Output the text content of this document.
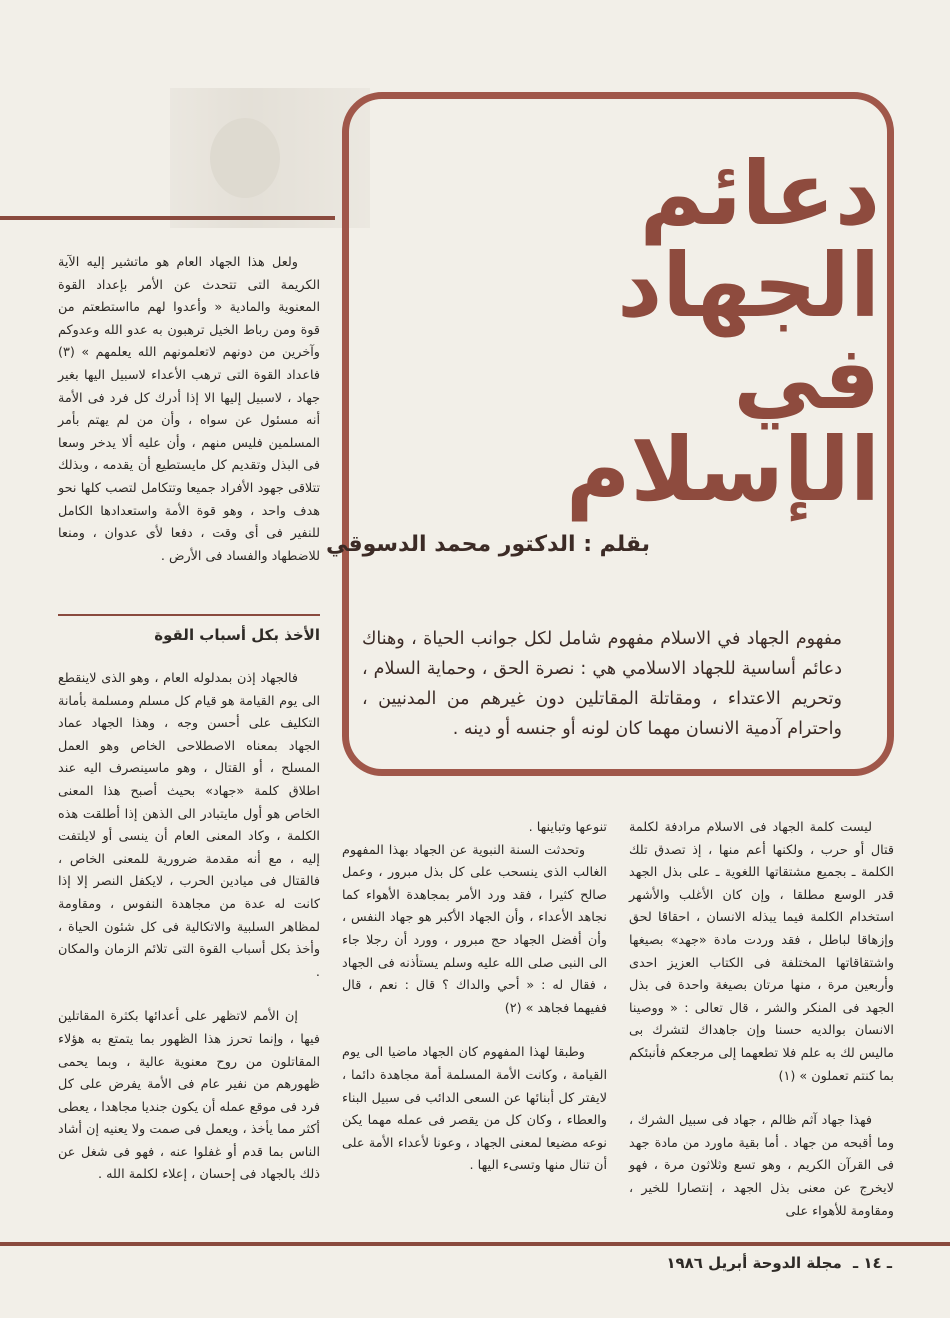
دعائم
الجهاد
في
الإسلام
بقلم : الدكتور محمد الدسوقي
مفهوم الجهاد في الاسلام مفهوم شامل لكل جوانب الحياة ، وهناك دعائم أساسية للجهاد الاسلامي هي : نصرة الحق ، وحماية السلام ، وتحريم الاعتداء ، ومقاتلة المقاتلين دون غيرهم من المدنيين ، واحترام آدمية الانسان مهما كان لونه أو جنسه أو دينه .

ولعل هذا الجهاد العام هو ماتشير إليه الآية الكريمة التى تتحدث عن الأمر بإعداد القوة المعنوية والمادية « وأعدوا لهم مااستطعتم من قوة ومن رباط الخيل ترهبون به عدو الله وعدوكم وآخرين من دونهم لاتعلمونهم الله يعلمهم » (٣) فاعداد القوة التى ترهب الأعداء لاسبيل اليها بغير جهاد ، لاسبيل إليها الا إذا أدرك كل فرد فى الأمة أنه مسئول عن سواه ، وأن من لم يهتم بأمر المسلمين فليس منهم ، وأن عليه ألا يدخر وسعا فى البذل وتقديم كل مايستطيع أن يقدمه ، وبذلك تتلاقى جهود الأفراد جميعا وتتكامل لتصب كلها نحو هدف واحد ، وهو قوة الأمة واستعدادها الكامل للنفير فى أى وقت ، دفعا لأى عدوان ، ومنعا للاضطهاد والفساد فى الأرض .

الأخذ بكل أسباب القوة

فالجهاد إذن بمدلوله العام ، وهو الذى لاينقطع الى يوم القيامة هو قيام كل مسلم ومسلمة بأمانة التكليف على أحسن وجه ، وهذا الجهاد عماد الجهاد بمعناه الاصطلاحى الخاص وهو العمل المسلح ، أو القتال ، وهو ماسينصرف اليه عند اطلاق كلمة «جهاد» بحيث أصبح هذا المعنى الخاص هو أول مايتبادر الى الذهن إذا أطلقت هذه الكلمة ، وكاد المعنى العام أن ينسى أو لايلتفت إليه ، مع أنه مقدمة ضرورية للمعنى الخاص ، فالقتال فى ميادين الحرب ، لايكفل النصر إلا إذا كانت له عدة من مجاهدة النفوس ، ومقاومة لمظاهر السلبية والاتكالية فى كل شئون الحياة ، وأخذ بكل أسباب القوة التى تلائم الزمان والمكان .

إن الأمم لاتظهر على أعدائها بكثرة المقاتلين فيها ، وإنما تحرز هذا الظهور بما يتمتع به هؤلاء المقاتلون من روح معنوية عالية ، وبما يحمى ظهورهم من نفير عام فى الأمة يفرض على كل فرد فى موقع عمله أن يكون جنديا مجاهدا ، يعطى أكثر مما يأخذ ، ويعمل فى صمت ولا يعنيه إن أشاد الناس بما قدم أو غفلوا عنه ، فهو فى شغل عن ذلك بالجهاد فى إحسان ، إعلاء لكلمة الله .

تنوعها وتباينها .

وتحدثت السنة النبوية عن الجهاد بهذا المفهوم الغالب الذى ينسحب على كل بذل مبرور ، وعمل صالح كثيرا ، فقد ورد الأمر بمجاهدة الأهواء كما نجاهد الأعداء ، وأن الجهاد الأكبر هو جهاد النفس ، وأن أفضل الجهاد حج مبرور ، وورد أن رجلا جاء الى النبى صلى الله عليه وسلم يستأذنه فى الجهاد ، فقال له : « أحي والداك ؟ قال : نعم ، قال ففيهما فجاهد » (٢)

وطبقا لهذا المفهوم كان الجهاد ماضيا الى يوم القيامة ، وكانت الأمة المسلمة أمة مجاهدة دائما ، لايفتر كل أبنائها عن السعى الدائب فى سبيل البناء والعطاء ، وكان كل من يقصر فى عمله مهما يكن نوعه مضيعا لمعنى الجهاد ، وعونا لأعداء الأمة على أن تنال منها وتسىء اليها .

ليست كلمة الجهاد فى الاسلام مرادفة لكلمة قتال أو حرب ، ولكنها أعم منها ، إذ تصدق تلك الكلمة ـ بجميع مشتقاتها اللغوية ـ على بذل الجهد قدر الوسع مطلقا ، وإن كان الأغلب والأشهر استخدام الكلمة فيما يبذله الانسان ، احقاقا لحق وإزهاقا لباطل ، فقد وردت مادة «جهد» بصيغها واشتقاقاتها المختلفة فى الكتاب العزيز احدى وأربعين مرة ، منها مرتان بصيغة واحدة فى بذل الجهد فى المنكر والشر ، قال تعالى : « ووصينا الانسان بوالديه حسنا وإن جاهداك لتشرك بى ماليس لك به علم فلا تطعهما إلى مرجعكم فأنبئكم بما كنتم تعملون » (١)

فهذا جهاد آثم ظالم ، جهاد فى سبيل الشرك ، وما أقبحه من جهاد . أما بقية ماورد من مادة جهد فى القرآن الكريم ، وهو تسع وثلاثون مرة ، فهو لايخرج عن معنى بذل الجهد ، إنتصارا للخير ، ومقاومة للأهواء على

ـ ١٤ ـ مجلة الدوحة أبريل ١٩٨٦
